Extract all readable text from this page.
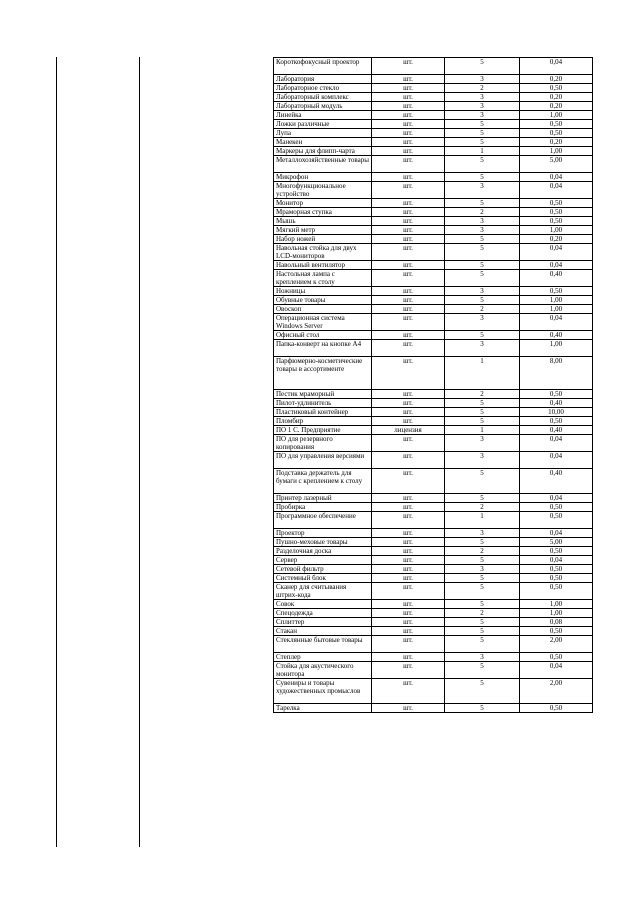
Короткофокусный проектор	шт.	5	0,04
Лаборатория	шт.	3	0,20
Лабораторное стекло	шт.	2	0,50
Лабораторный комплекс	шт.	3	0,20
Лабораторный модуль	шт.	3	0,20
Линейка	шт.	3	1,00
Ложки различные	шт.	5	0,50
Лупа	шт.	5	0,50
Манекен	шт.	5	0,20
Маркеры для флипп-чарта	шт.	1	1,00
Металлохозяйственные товары	шт.	5	5,00
Микрофон	шт.	5	0,04
Многофункциональное устройство	шт.	3	0,04
Монитор	шт.	5	0,50
Мраморная ступка	шт.	2	0,50
Мышь	шт.	3	0,50
Мягкий метр	шт.	3	1,00
Набор ножей	шт.	5	0,20
Навольная стойка для двух LCD-мониторов	шт.	5	0,04
Навольный вентилятор	шт.	5	0,04
Настольная лампа с креплением к столу	шт.	5	0,40
Ножницы	шт.	3	0,50
Обувные товары	шт.	5	1,00
Овоскоп	шт.	2	1,00
Операционная система Windows Server	шт.	3	0,04
Офисный стол	шт.	5	0,40
Папка-конверт на кнопке А4	шт.	3	1,00
Парфюмерно-косметические товары в ассортименте	шт.	1	8,00
Пестик мраморный	шт.	2	0,50
Пилот-удлинитель	шт.	5	0,40
Пластиковый контейнер	шт.	5	10,00
Пломбир	шт.	5	0,50
ПО 1 С. Предприятие	лицензия	1	0,40
ПО для резервного копирования	шт.	3	0,04
ПО для управления версиями	шт.	3	0,04
Подставка держатель для бумаги с креплением к столу	шт.	5	0,40
Принтер лазерный	шт.	5	0,04
Пробирка	шт.	2	0,50
Программное обеспечение	шт.	1	0,50
Проектор	шт.	3	0,04
Пушно-меховые товары	шт.	5	5,00
Разделочная доска	шт.	2	0,50
Сервер	шт.	5	0,04
Сетевой фильтр	шт.	3	0,50
Системный блок	шт.	5	0,50
Сканер для считывания штрих-кода	шт.	5	0,50
Совок	шт.	5	1,00
Спецодежда	шт.	2	1,00
Сплиттер	шт.	5	0,08
Стакан	шт.	5	0,50
Стеклянные бытовые товары	шт.	5	2,00
Степлер	шт.	3	0,50
Стойка для акустического монитора	шт.	5	0,04
Сувениры и товары художественных промыслов	шт.	5	2,00
Тарелка	шт.	5	0,50
